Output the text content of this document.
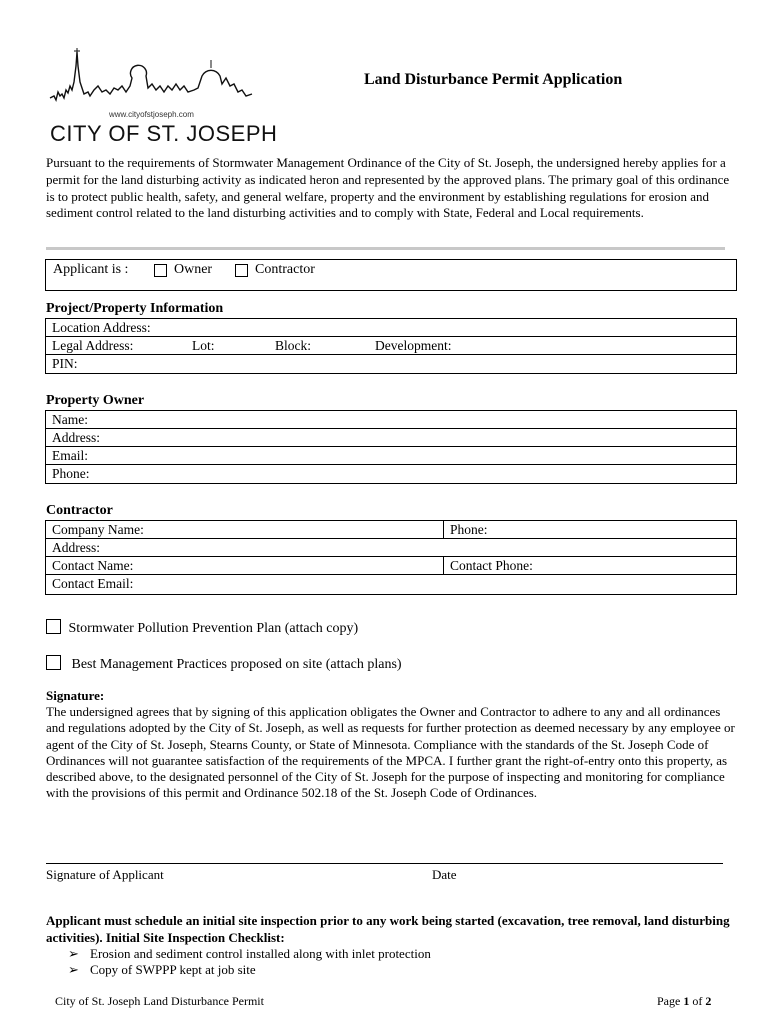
www.cityofstjoseph.com
CITY OF ST. JOSEPH
Land Disturbance Permit Application
Pursuant to the requirements of Stormwater Management Ordinance of the City of St. Joseph, the undersigned hereby applies for a permit for the land disturbing activity as indicated heron and represented by the approved plans. The primary goal of this ordinance is to protect public health, safety, and general welfare, property and the environment by establishing regulations for erosion and sediment control related to the land disturbing activities and to comply with State, Federal and Local requirements.
Applicant is :	Owner	Contractor
Project/Property Information
Location Address:
Legal Address:	Lot:	Block:	Development:
PIN:
Property Owner
Name:
Address:
Email:
Phone:
Contractor
Company Name:	Phone:
Address:
Contact Name:	Contact Phone:
Contact Email:
Stormwater Pollution Prevention Plan (attach copy)
Best Management Practices proposed on site (attach plans)
Signature:
The undersigned agrees that by signing of this application obligates the Owner and Contractor to adhere to any and all ordinances and regulations adopted by the City of St. Joseph, as well as requests for further protection as deemed necessary by any employee or agent of the City of St. Joseph, Stearns County, or State of Minnesota. Compliance with the standards of the St. Joseph Code of Ordinances will not guarantee satisfaction of the requirements of the MPCA. I further grant the right-of-entry onto this property, as described above, to the designated personnel of the City of St. Joseph for the purpose of inspecting and monitoring for compliance with the provisions of this permit and Ordinance 502.18 of the St. Joseph Code of Ordinances.
Signature of Applicant	Date
Applicant must schedule an initial site inspection prior to any work being started (excavation, tree removal, land disturbing activities). Initial Site Inspection Checklist:
➢ Erosion and sediment control installed along with inlet protection
➢ Copy of SWPPP kept at job site
City of St. Joseph Land Disturbance Permit	Page 1 of 2
